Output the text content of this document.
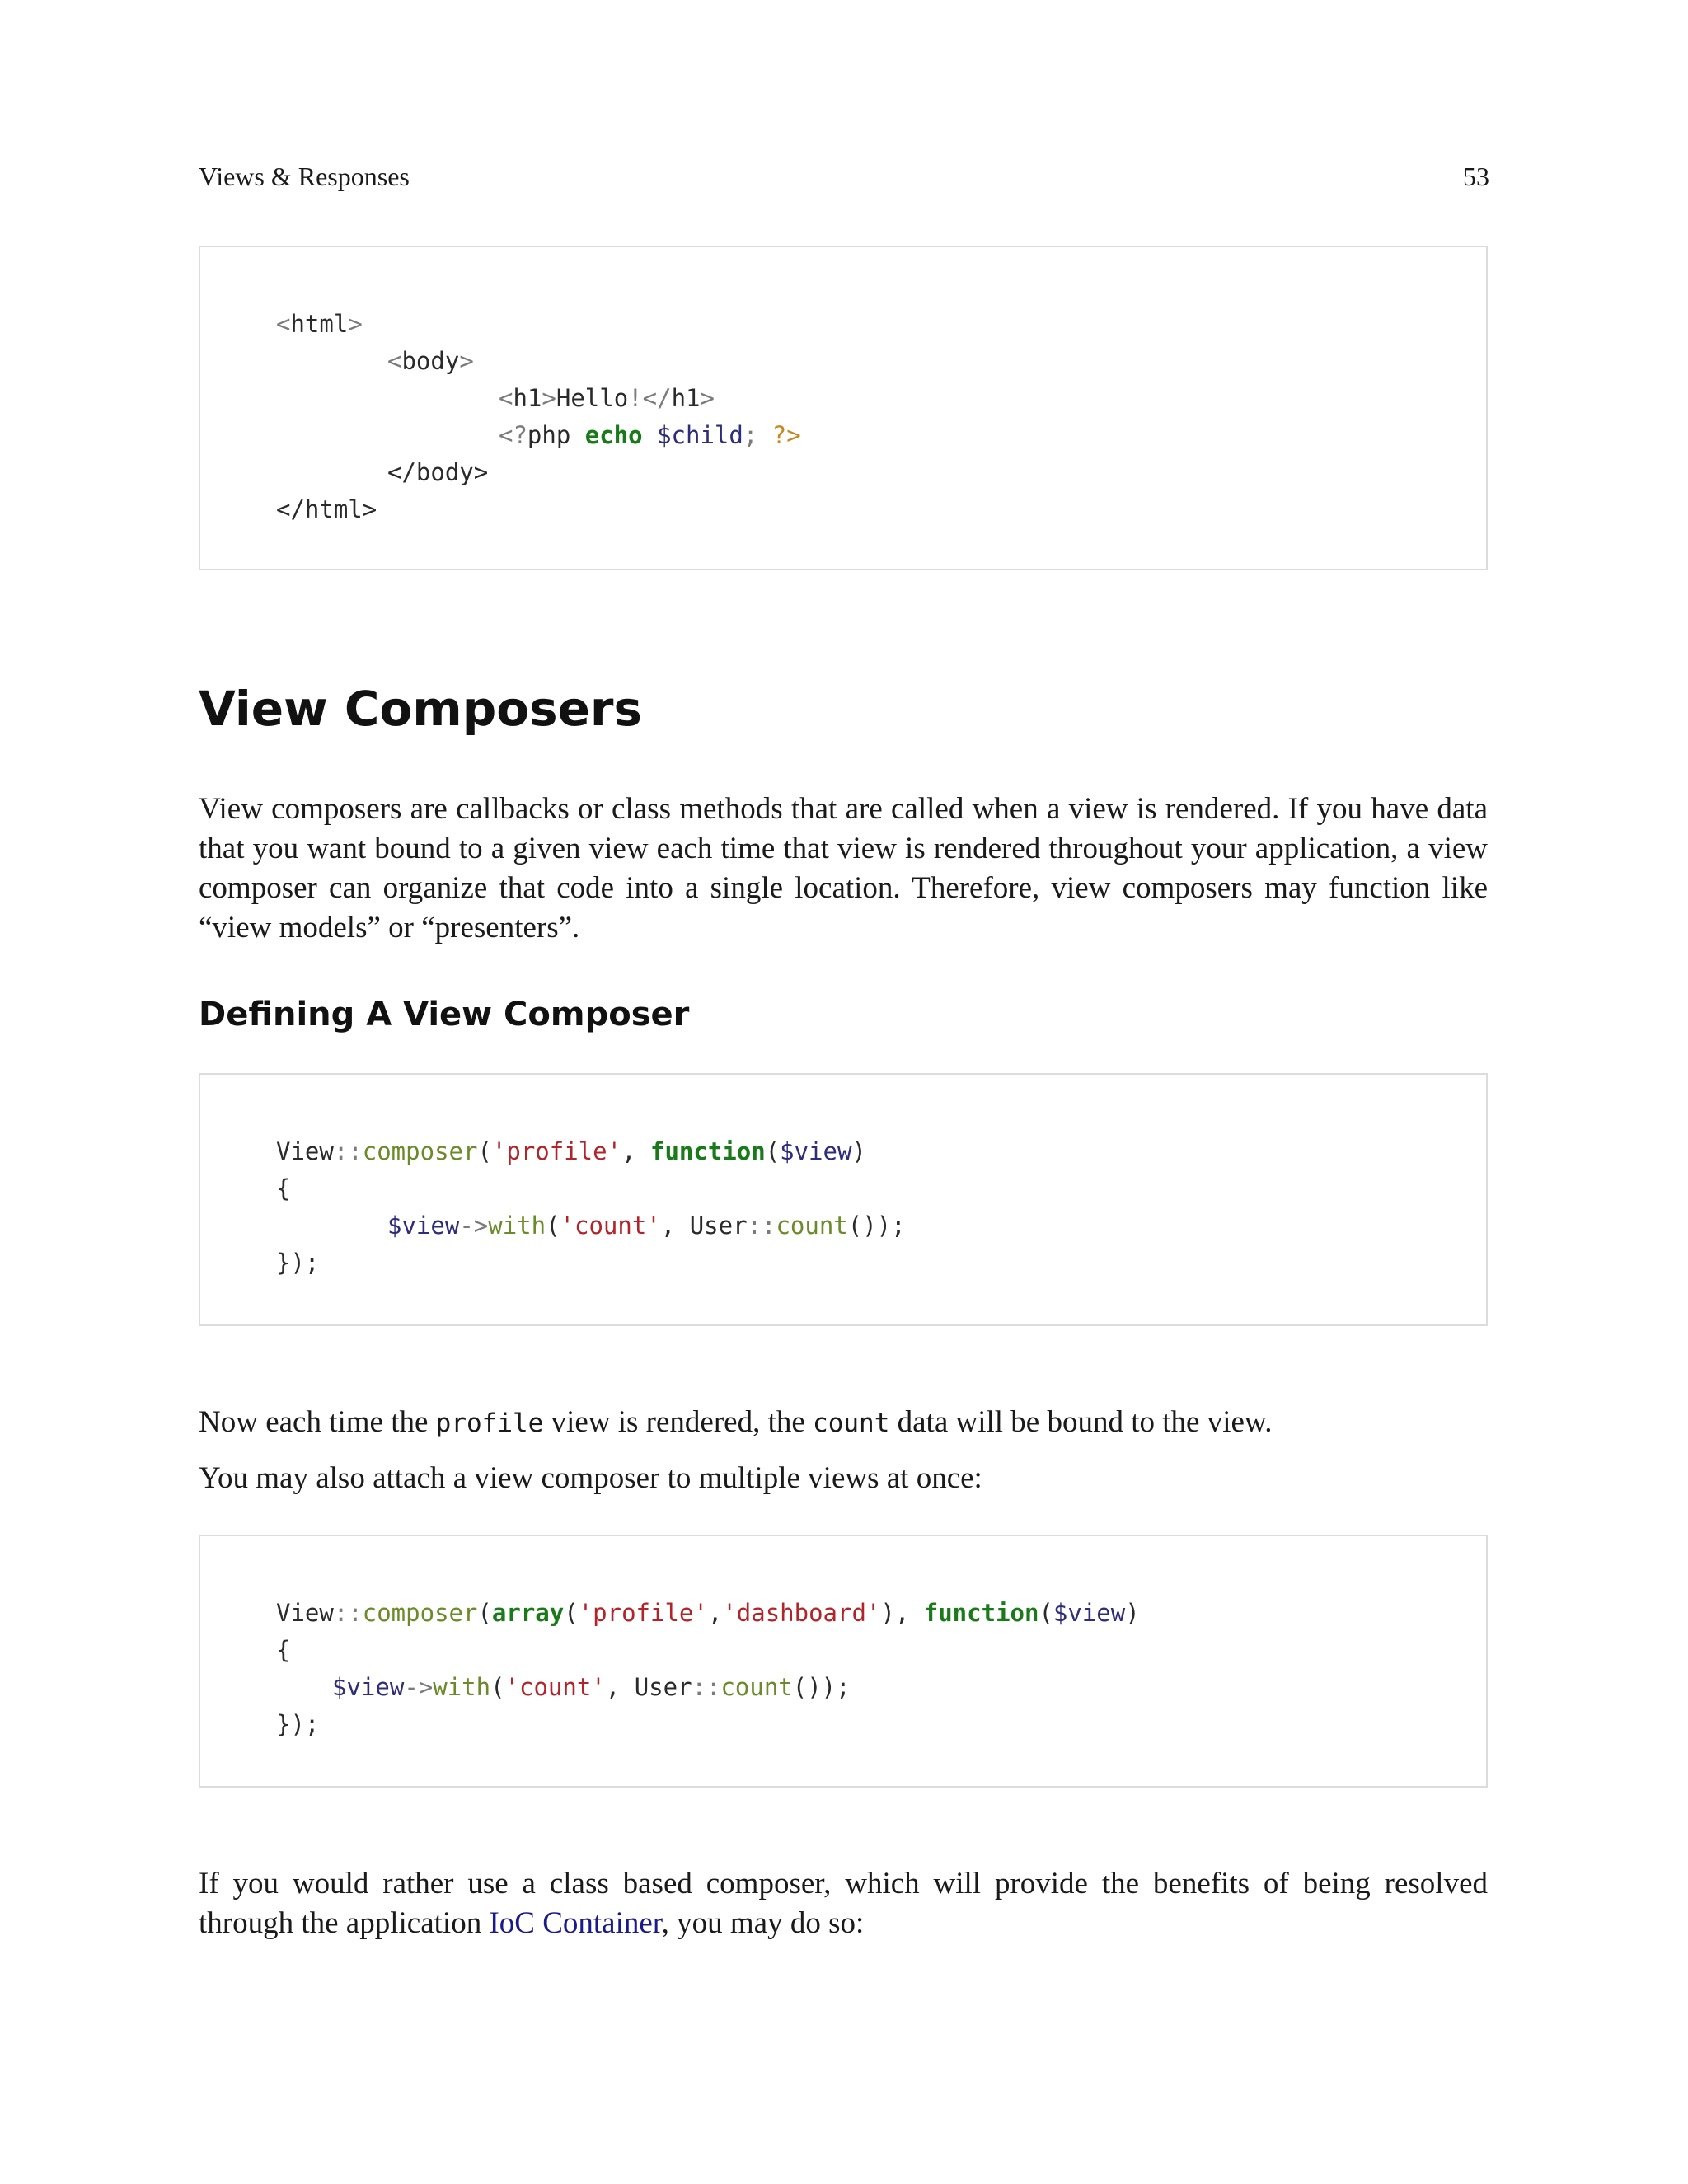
Views & Responses	53
<html>
<body>
<h1>Hello!</h1>
<?php echo $child; ?>
</body>
</html>
View Composers

View composers are callbacks or class methods that are called when a view is rendered. If you have data that you want bound to a given view each time that view is rendered throughout your application, a view composer can organize that code into a single location. Therefore, view composers may function like “view models” or “presenters”.

Defining A View Composer
View::composer('profile', function($view)
{
$view->with('count', User::count());
});

Now each time the profile view is rendered, the count data will be bound to the view.

You may also attach a view composer to multiple views at once:

View::composer(array('profile','dashboard'), function($view)
{
$view->with('count', User::count());
});

If you would rather use a class based composer, which will provide the benefits of being resolved through the application IoC Container, you may do so:
